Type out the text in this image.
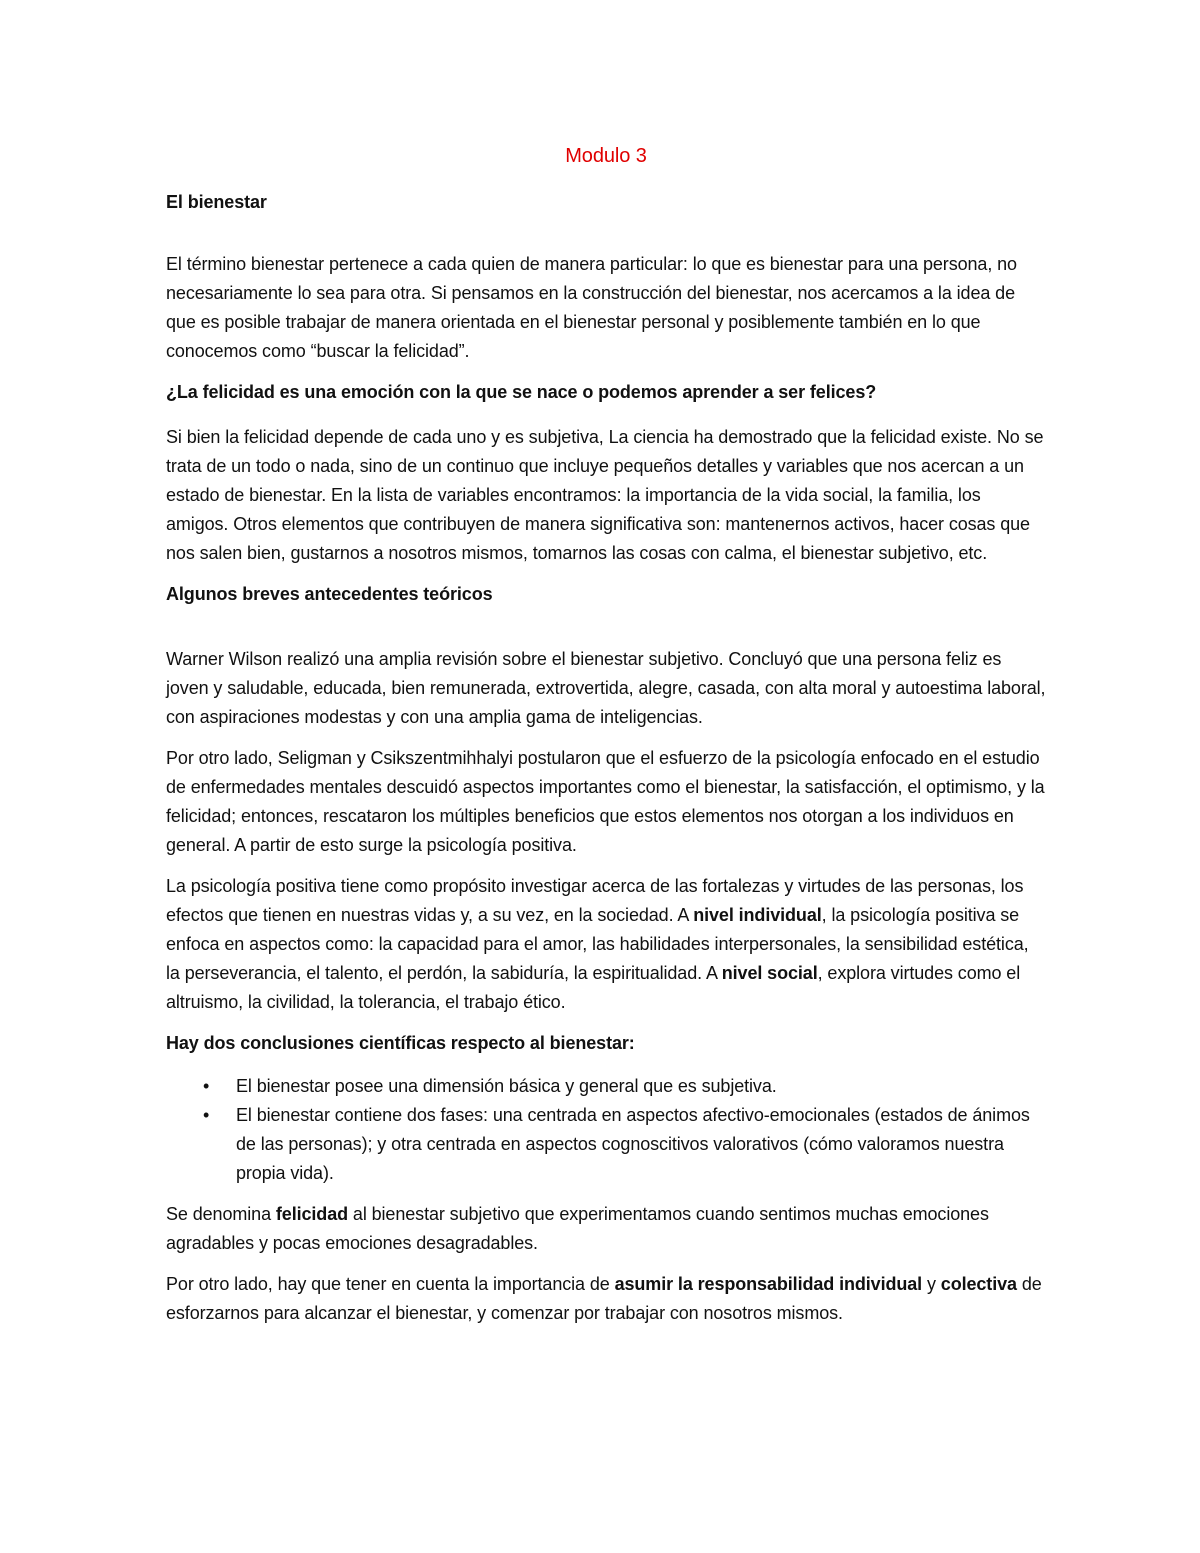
Modulo 3
El bienestar

El término bienestar pertenece a cada quien de manera particular: lo que es bienestar para una persona, no necesariamente lo sea para otra. Si pensamos en la construcción del bienestar, nos acercamos a la idea de que es posible trabajar de manera orientada en el bienestar personal y posiblemente también en lo que conocemos como “buscar la felicidad”.

¿La felicidad es una emoción con la que se nace o podemos aprender a ser felices?

Si bien la felicidad depende de cada uno y es subjetiva, La ciencia ha demostrado que la felicidad existe. No se trata de un todo o nada, sino de un continuo que incluye pequeños detalles y variables que nos acercan a un estado de bienestar. En la lista de variables encontramos: la importancia de la vida social, la familia, los amigos. Otros elementos que contribuyen de manera significativa son: mantenernos activos, hacer cosas que nos salen bien, gustarnos a nosotros mismos, tomarnos las cosas con calma, el bienestar subjetivo, etc.

Algunos breves antecedentes teóricos

Warner Wilson realizó una amplia revisión sobre el bienestar subjetivo. Concluyó que una persona feliz es joven y saludable, educada, bien remunerada, extrovertida, alegre, casada, con alta moral y autoestima laboral, con aspiraciones modestas y con una amplia gama de inteligencias.

Por otro lado, Seligman y Csikszentmihhalyi postularon que el esfuerzo de la psicología enfocado en el estudio de enfermedades mentales descuidó aspectos importantes como el bienestar, la satisfacción, el optimismo, y la felicidad; entonces, rescataron los múltiples beneficios que estos elementos nos otorgan a los individuos en general. A partir de esto surge la psicología positiva.

La psicología positiva tiene como propósito investigar acerca de las fortalezas y virtudes de las personas, los efectos que tienen en nuestras vidas y, a su vez, en la sociedad. A nivel individual, la psicología positiva se enfoca en aspectos como: la capacidad para el amor, las habilidades interpersonales, la sensibilidad estética, la perseverancia, el talento, el perdón, la sabiduría, la espiritualidad. A nivel social, explora virtudes como el altruismo, la civilidad, la tolerancia, el trabajo ético.

Hay dos conclusiones científicas respecto al bienestar:
• El bienestar posee una dimensión básica y general que es subjetiva.
• El bienestar contiene dos fases: una centrada en aspectos afectivo-emocionales (estados de ánimos de las personas); y otra centrada en aspectos cognoscitivos valorativos (cómo valoramos nuestra propia vida).

Se denomina felicidad al bienestar subjetivo que experimentamos cuando sentimos muchas emociones agradables y pocas emociones desagradables.

Por otro lado, hay que tener en cuenta la importancia de asumir la responsabilidad individual y colectiva de esforzarnos para alcanzar el bienestar, y comenzar por trabajar con nosotros mismos.
